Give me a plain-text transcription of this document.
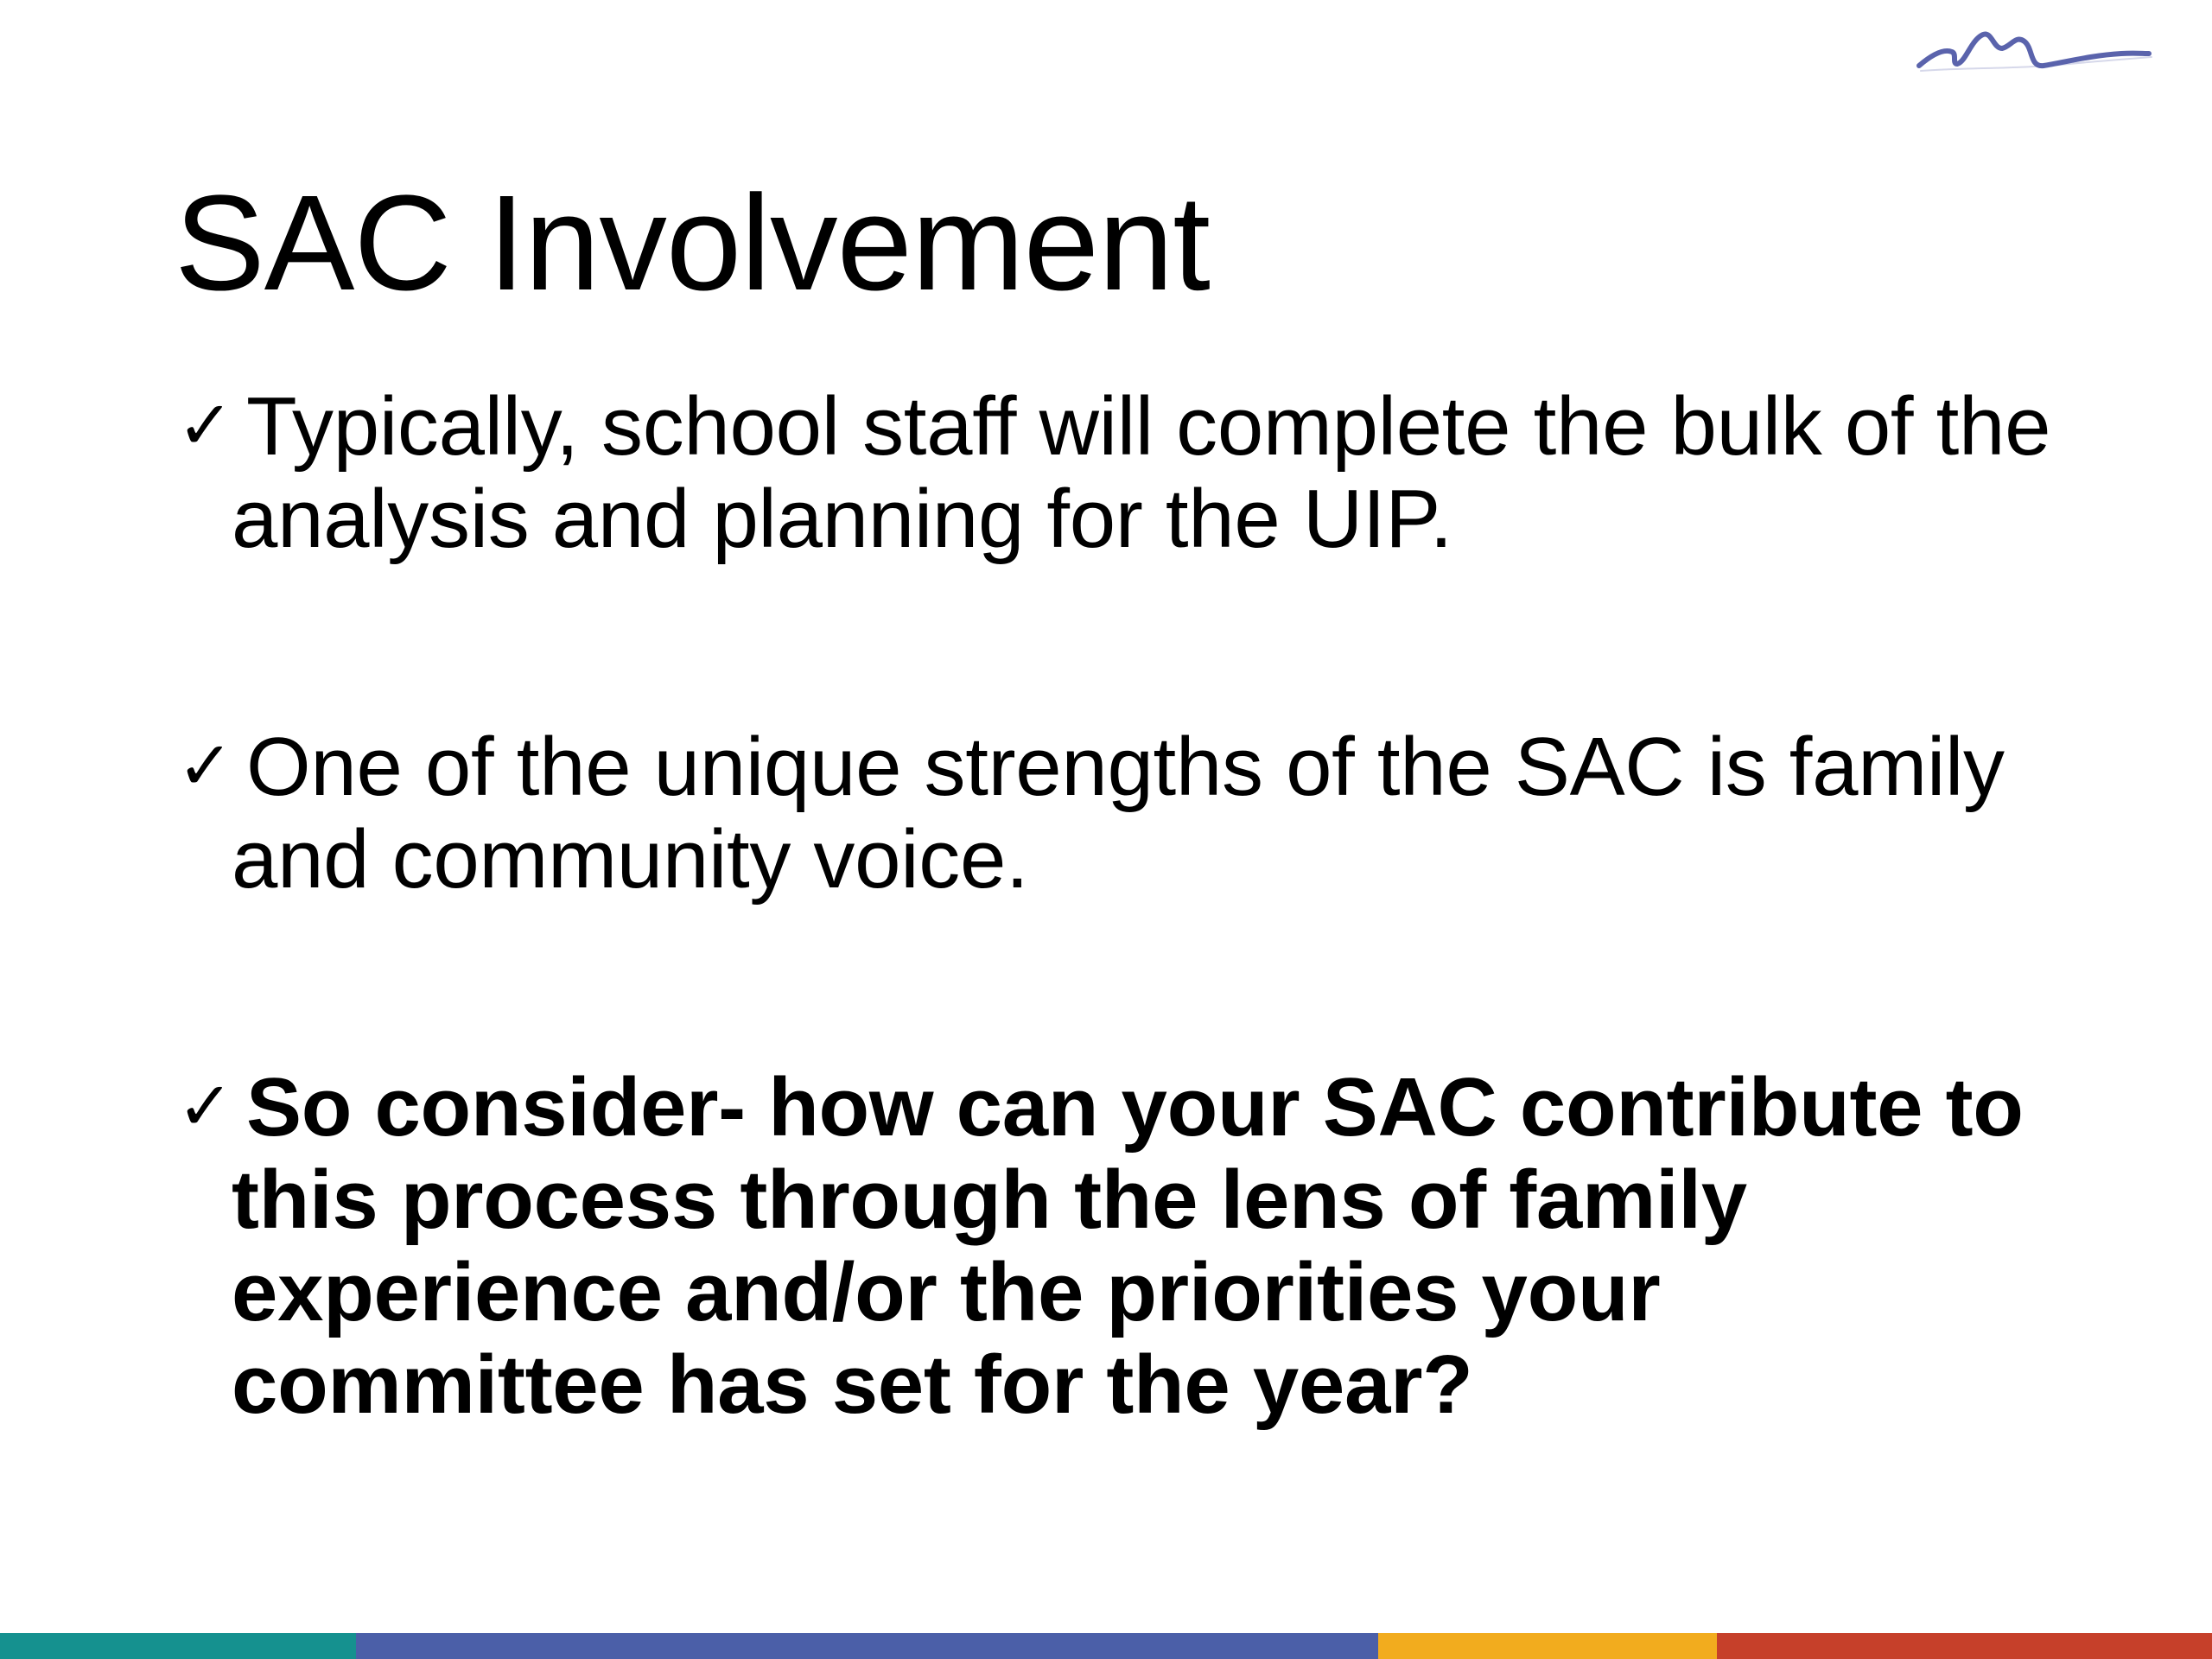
SAC Involvement
✓
Typically, school staff will complete the bulk of the analysis and planning for the UIP.
✓
One of the unique strengths of the SAC is family and community voice.
✓
So consider- how can your SAC contribute to this process through the lens of family experience and/or the priorities your committee has set for the year?
